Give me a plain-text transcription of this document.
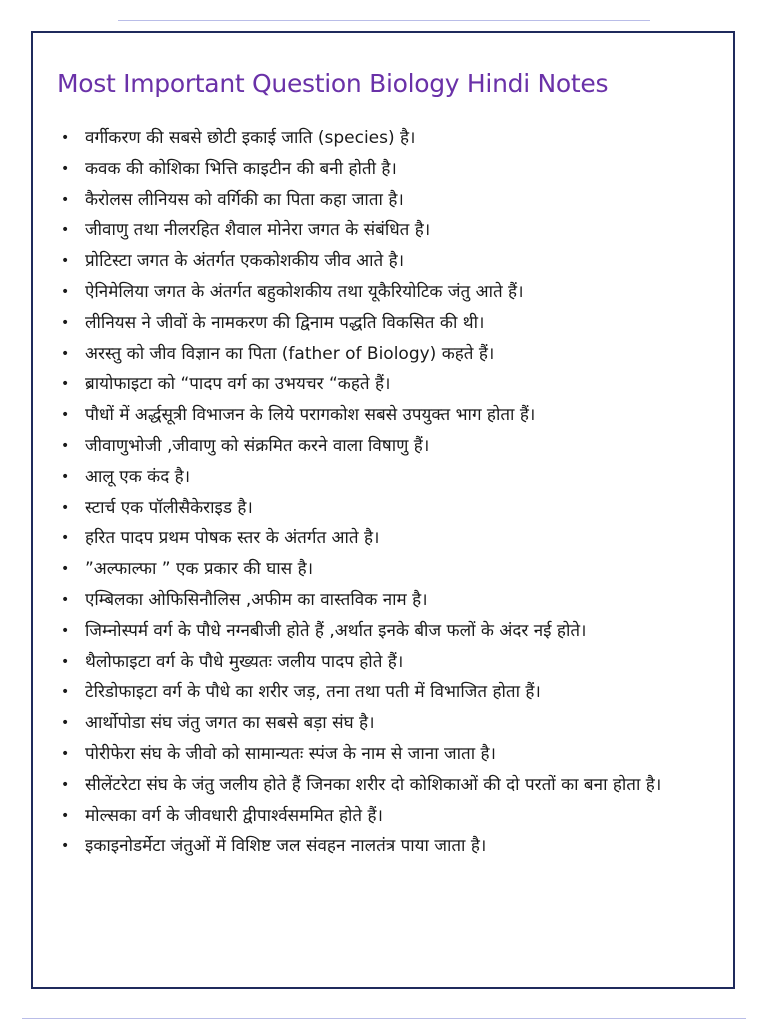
Most Important Question Biology Hindi Notes
• वर्गीकरण की सबसे छोटी इकाई जाति (species) है।
• कवक की कोशिका भित्ति काइटीन की बनी होती है।
• कैरोलस लीनियस को वर्गिकी का पिता कहा जाता है।
• जीवाणु तथा नीलरहित शैवाल मोनेरा जगत के संबंधित है।
• प्रोटिस्टा जगत के अंतर्गत एककोशकीय जीव आते है।
• ऐनिमेलिया जगत के अंतर्गत बहुकोशकीय तथा यूकैरियोटिक जंतु आते हैं।
• लीनियस ने जीवों के नामकरण की द्विनाम पद्धति विकसित की थी।
• अरस्तु को जीव विज्ञान का पिता (father of Biology) कहते हैं।
• ब्रायोफाइटा को “पादप वर्ग का उभयचर “कहते हैं।
• पौधों में अर्द्धसूत्री विभाजन के लिये परागकोश सबसे उपयुक्त भाग होता हैं।
• जीवाणुभोजी ,जीवाणु को संक्रमित करने वाला विषाणु हैं।
• आलू एक कंद है।
• स्टार्च एक पॉलीसैकेराइड है।
• हरित पादप प्रथम पोषक स्तर के अंतर्गत आते है।
• ”अल्फाल्फा ” एक प्रकार की घास है।
• एम्बिलका ओफिसिनौलिस ,अफीम का वास्तविक नाम है।
• जिम्नोस्पर्म वर्ग के पौधे नग्नबीजी होते हैं ,अर्थात इनके बीज फलों के अंदर नई होते।
• थैलोफाइटा वर्ग के पौधे मुख्यतः जलीय पादप होते हैं।
• टेरिडोफाइटा वर्ग के पौधे का शरीर जड़, तना तथा पती में विभाजित होता हैं।
• आर्थोपोडा संघ जंतु जगत का सबसे बड़ा संघ है।
• पोरीफेरा संघ के जीवो को सामान्यतः स्पंज के नाम से जाना जाता है।
• सीलेंटरेटा संघ के जंतु जलीय होते हैं जिनका शरीर दो कोशिकाओं की दो परतों का बना होता है।
• मोल्सका वर्ग के जीवधारी द्वीपार्श्वसममित होते हैं।
• इकाइनोडर्मेटा जंतुओं में विशिष्ट जल संवहन नालतंत्र पाया जाता है।
